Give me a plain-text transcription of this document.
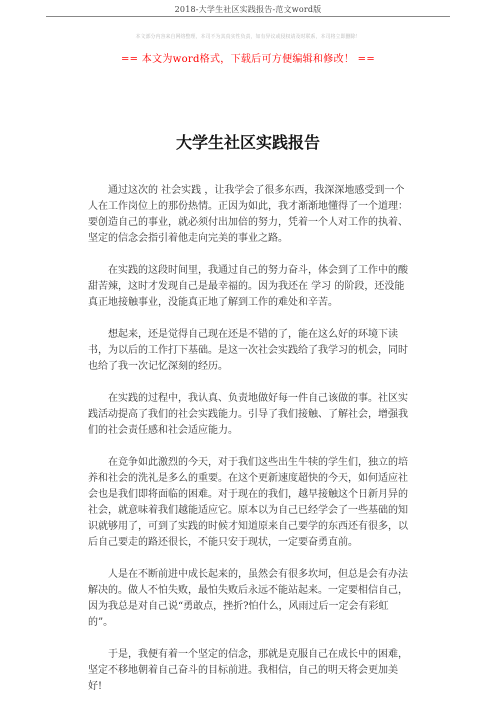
2018-大学生社区实践报告-范文word版
本文部分内容来自网络整理，本司不为其真实性负责，如有异议或侵权请及时联系，本司将立即删除！
== 本文为word格式，下载后可方便编辑和修改！ ==
大学生社区实践报告

通过这次的 社会实践 ，让我学会了很多东西，我深深地感受到一个人在工作岗位上的那份热情。正因为如此，我才渐渐地懂得了一个道理：要创造自己的事业，就必须付出加倍的努力，凭着一个人对工作的执着、坚定的信念会指引着他走向完美的事业之路。

在实践的这段时间里，我通过自己的努力奋斗，体会到了工作中的酸甜苦辣，这时才发现自己是最幸福的。因为我还在 学习 的阶段，还没能真正地接触事业，没能真正地了解到工作的难处和辛苦。

想起来，还是觉得自己现在还是不错的了，能在这么好的环境下读书，为以后的工作打下基础。是这一次社会实践给了我学习的机会，同时也给了我一次记忆深刻的经历。

在实践的过程中，我认真、负责地做好每一件自己该做的事。社区实践活动提高了我们的社会实践能力。引导了我们接触、了解社会，增强我们的社会责任感和社会适应能力。

在竞争如此激烈的今天，对于我们这些出生牛犊的学生们，独立的培养和社会的洗礼是多么的重要。在这个更新速度超快的今天，如何适应社会也是我们即将面临的困难。对于现在的我们，越早接触这个日新月异的社会，就意味着我们越能适应它。原本以为自己已经学会了一些基础的知识就够用了，可到了实践的时候才知道原来自己要学的东西还有很多，以后自己要走的路还很长，不能只安于现状，一定要奋勇直前。

人是在不断前进中成长起来的，虽然会有很多坎坷，但总是会有办法解决的。做人不怕失败，最怕失败后永远不能站起来。一定要相信自己，因为我总是对自己说“勇敢点，挫折?怕什么，风雨过后一定会有彩虹的”。

于是，我便有着一个坚定的信念，那就是克服自己在成长中的困难，坚定不移地朝着自己奋斗的目标前进。我相信，自己的明天将会更加美好!
